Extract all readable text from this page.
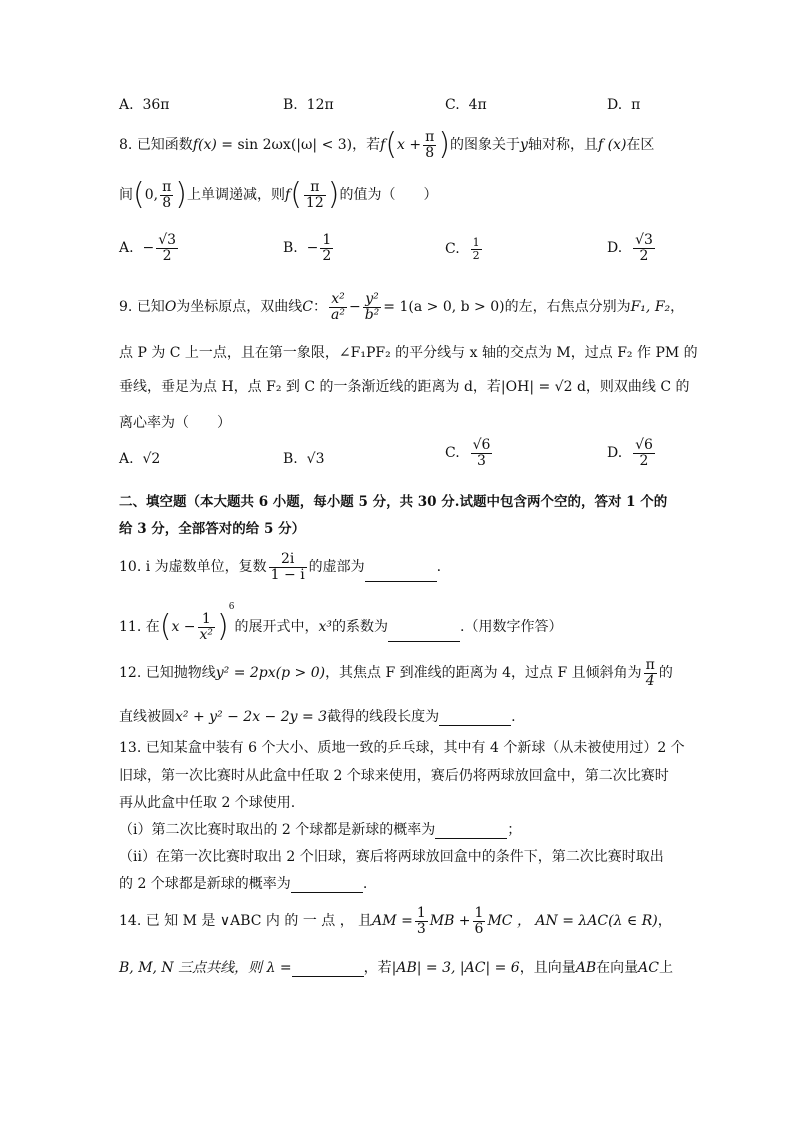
A. 36π	B. 12π	C. 4π	D. π
8. 已知函数f(x) = sin 2ωx(|ω| < 3)，若$f(x + \frac{\pi}{8}$ )的图象关于y轴对称，且f (x)在区
间(0, $\frac{\pi}{8}$ )上单调递减，则$f( \frac{\pi}{12}$ )的值为（　　）
A. − $\frac{√3}{2}$	B. − $\frac{1}{2}$	C. $\frac{1}{2}$	D. $\frac{√3}{2}$
9. 已知O为坐标原点，双曲线C： $\frac{\text{x²}}{\text{a²}} - \frac{\text{y²}}{\text{b²}} = 1(a > 0$, b > 0)的左，右焦点分别为F₁, F₂，
点 P 为 C 上一点，且在第一象限，∠F₁PF₂ 的平分线与 x 轴的交点为 M，过点 F₂ 作 PM 的
垂线，垂足为点 H，点 F₂ 到 C 的一条渐近线的距离为 d，若|OH| = √2 d，则双曲线 C 的
离心率为（　　）
A. √2	B. √3	C. $\frac{√6}{3}$	D. $\frac{√6}{2}$
二、填空题（本大题共 6 小题，每小题 5 分，共 30 分.试题中包含两个空的，答对 1 个的
给 3 分，全部答对的给 5 分）
10. i 为虚数单位，复数 $\frac{2i}{1 - i}$ 的虚部为	.
11. 在$(x - \frac{1}{\text{x²}} )^6$的展开式中，x³的系数为	.（用数字作答）
12. 已知抛物线y² = 2px(p > 0)，其焦点 F 到准线的距离为 4，过点 F 且倾斜角为 $\frac{\pi}{4}$ 的
直线被圆x² + y² − 2x − 2y = 3截得的线段长度为	.
13. 已知某盒中装有 6 个大小、质地一致的乒乓球，其中有 4 个新球（从未被使用过）2 个
旧球，第一次比赛时从此盒中任取 2 个球来使用，赛后仍将两球放回盒中，第二次比赛时
再从此盒中任取 2 个球使用.
（i）第二次比赛时取出的 2 个球都是新球的概率为	；
（ii）在第一次比赛时取出 2 个旧球，赛后将两球放回盒中的条件下，第二次比赛时取出
的 2 个球都是新球的概率为	.
14. 已 知 M 是 ∨ABC 内 的 一 点 ， 且AM = $\frac{1}{3}$ MB + $\frac{1}{6}$ MC ， AN = λAC(λ ∈ R)，
B, M, N 三点共线，则 λ =	，若|AB| = 3, |AC| = 6，且向量AB在向量AC上
